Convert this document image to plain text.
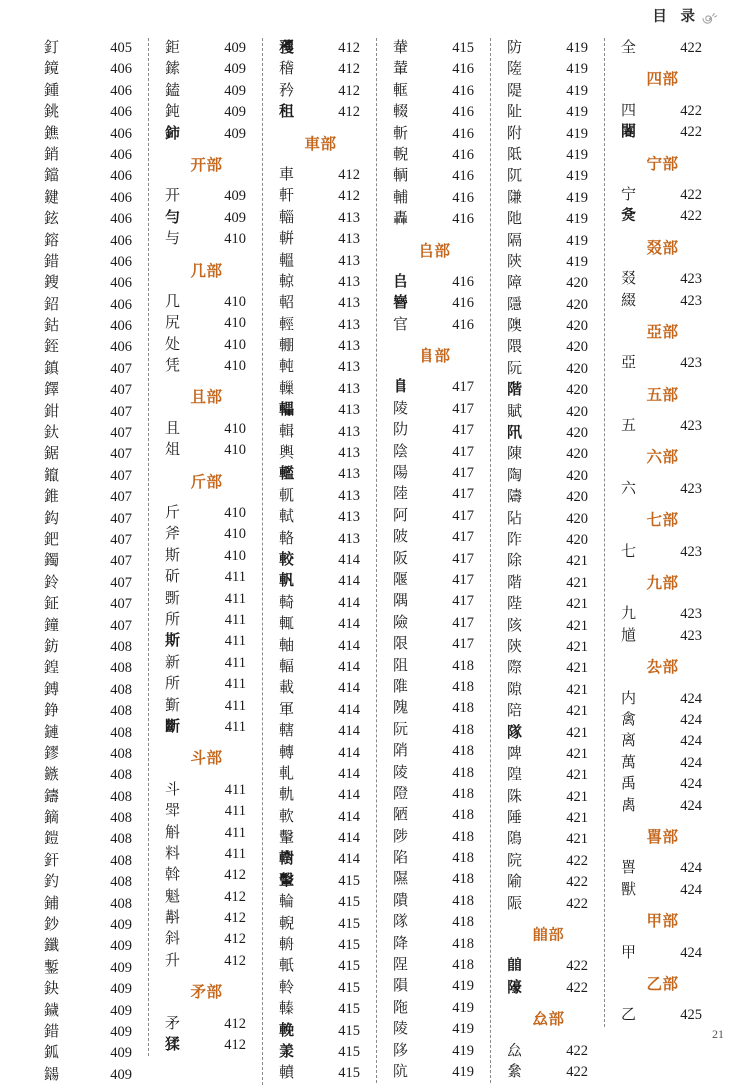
目 录
釘	405
鏡	406
鍾	406
銚	406
鐎	406
銷	406
鐺	406
鍵	406
鉉	406
鎔	406
錯	406
鎪	406
鉊	406
鈷	406
銍	406
鎮	407
鐸	407
鉗	407
釱	407
鋸	407
鑹	407
錐	407
鈎	407
鈀	407
鐲	407
鈴	407
鉦	407
鐘	407
鈁	408
鍠	408
鎛	408
錚	408
鏈	408
鏐	408
鏃	408
鑄	408
鏑	408
鎧	408
釬	408
釣	408
鋪	408
鈔	409
鑯	409
鏨	409
鈌	409
鐬	409
錯	409
鈲	409
鐋	409
鉅	409
鎍	409
鎑	409
鈍	409
鈰	409
开部
开	409
勻	409
与	410
几部
几	410
尻	410
处	410
凭	410
且部
且	410
俎	410
斤部
斤	410
斧	410
斯	410
斫	411
斲	411
所	411
斯	411
新	411
所	411
斳	411
斷	411
斗部
斗	411
斝	411
斛	411
料	411
斡	412
魁	412
斠	412
斜	412
升	412
矛部
矛	412
猱	412
矡	412
稽	412
矜	412
租	412
車部
車	412
軒	412
輜	413
輧	413
轀	413
輬	413
軺	413
輕	413
輣	413
軘	413
轈	413
轠	413
輯	413
輿	413
轞	413
軏	413
軾	413
輅	413
較	414
軓	414
輢	414
輒	414
軸	414
輻	414
載	414
軍	414
轄	414
轉	414
軋	414
軌	414
軟	414
轚	414
轛	414
轚	415
輪	415
輗	415
輈	415
軝	415
軨	415
轃	415
輓	415
羕	415
轒	415
輂	415
輦	416
軭	416
輟	416
斬	416
輗	416
輌	416
輔	416
轟	416
𠂤部
𠂤	416
嶜	416
官	416
𨸏部
𨸏	417
陵	417
阞	417
陰	417
陽	417
陸	417
阿	417
陂	417
阪	417
隁	417
隅	417
險	417
限	417
阻	418
陮	418
隗	418
阮	418
陗	418
陵	418
隥	418
陋	418
陟	418
陷	418
隰	418
隤	418
隊	418
降	418
陧	418
隕	419
陁	419
陵	419
陊	419
阬	419
防	419
隓	419
隄	419
阯	419
附	419
阺	419
阢	419
隒	419
阤	419
隔	419
陝	419
障	420
隱	420
隩	420
隈	420
阮	420
階	420
賦	420
阠	420
陳	420
陶	420
隯	420
阽	420
阼	420
除	421
階	421
陛	421
陔	421
陝	421
際	421
隙	421
陪	421
隊	421
陴	421
隍	421
陎	421
陲	421
隝	421
院	422
隃	422
陙	422
𨺅部
𨺅	422
䧫	422
厽部
厽	422
絫	422
全	422
四部
四	422
䦮	422
宁部
宁	422
𡕛	422
叕部
叕	423
綴	423
亞部
亞	423
五部
五	423
六部
六	423
七部
七	423
九部
九	423
馗	423
厹部
内	424
禽	424
离	424
萬	424
禹	424
禼	424
嘼部
嘼	424
獸	424
甲部
甲	424
乙部
乙	425
21
